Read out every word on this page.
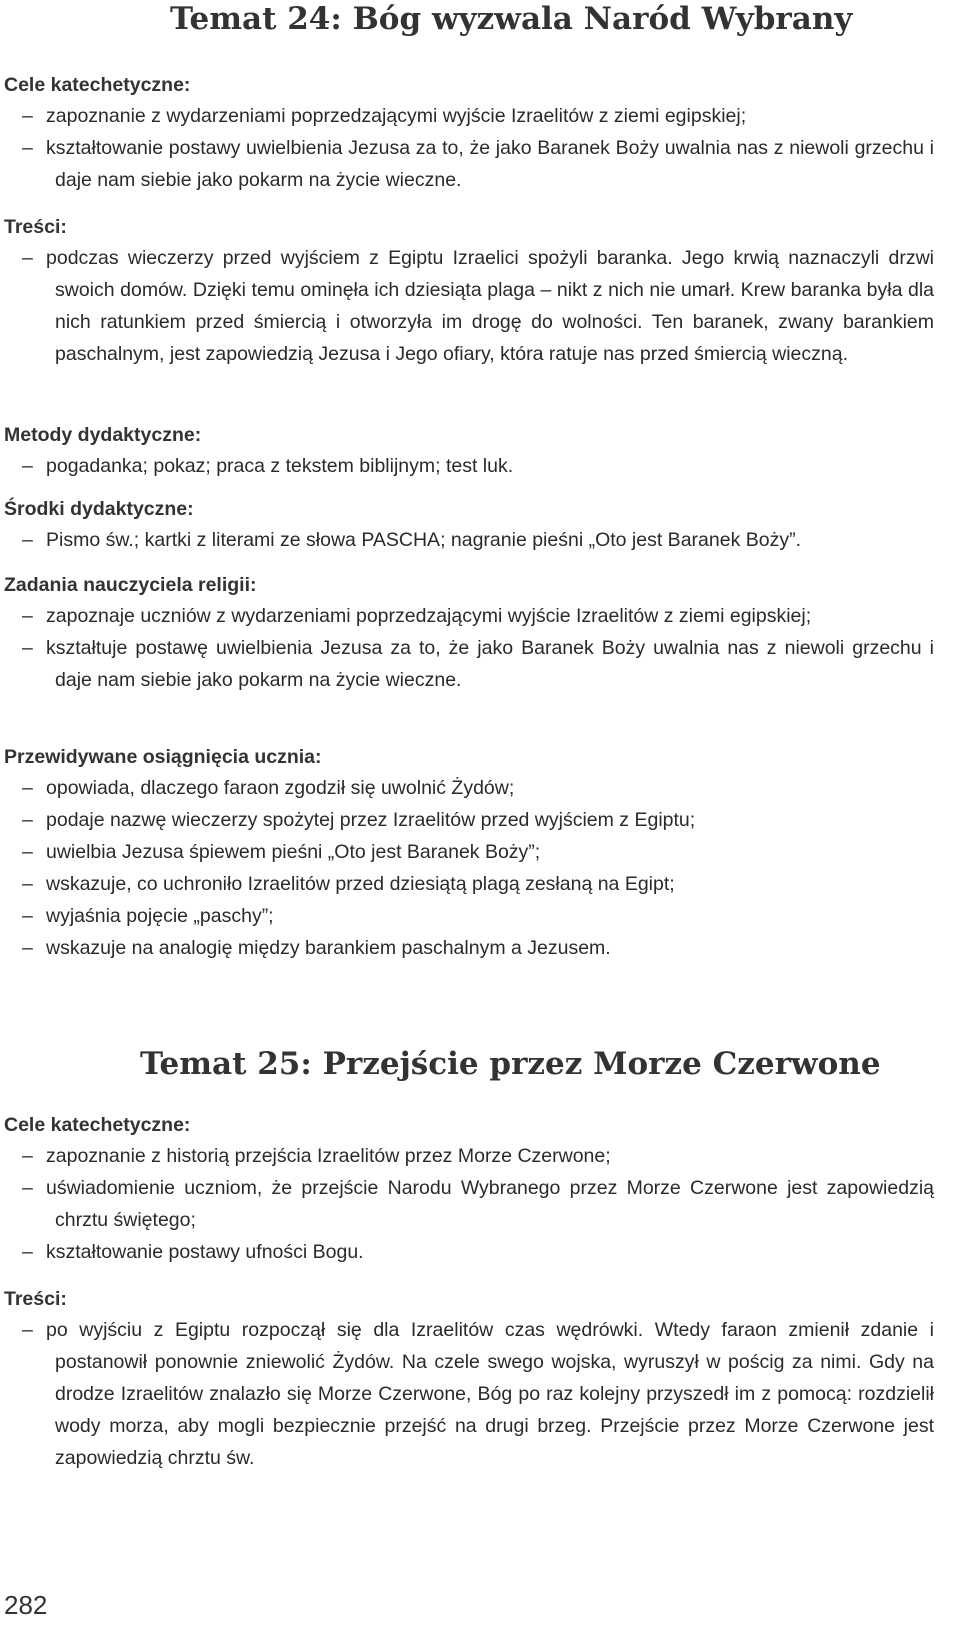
Temat 24: Bóg wyzwala Naród Wybrany

Cele katechetyczne:

– zapoznanie z wydarzeniami poprzedzającymi wyjście Izraelitów z ziemi egipskiej;

– kształtowanie postawy uwielbienia Jezusa za to, że jako Baranek Boży uwalnia nas z niewoli grzechu i daje nam siebie jako pokarm na życie wieczne.

Treści:

– podczas wieczerzy przed wyjściem z Egiptu Izraelici spożyli baranka. Jego krwią naznaczyli drzwi swoich domów. Dzięki temu ominęła ich dziesiąta plaga – nikt z nich nie umarł. Krew baranka była dla nich ratunkiem przed śmiercią i otworzyła im drogę do wolności. Ten baranek, zwany barankiem paschalnym, jest zapowiedzią Jezusa i Jego ofiary, która ratuje nas przed śmiercią wieczną.

Metody dydaktyczne:

– pogadanka; pokaz; praca z tekstem biblijnym; test luk.

Środki dydaktyczne:

– Pismo św.; kartki z literami ze słowa PASCHA; nagranie pieśni „Oto jest Baranek Boży”.

Zadania nauczyciela religii:

– zapoznaje uczniów z wydarzeniami poprzedzającymi wyjście Izraelitów z ziemi egipskiej;

– kształtuje postawę uwielbienia Jezusa za to, że jako Baranek Boży uwalnia nas z niewoli grzechu i daje nam siebie jako pokarm na życie wieczne.

Przewidywane osiągnięcia ucznia:

– opowiada, dlaczego faraon zgodził się uwolnić Żydów;

– podaje nazwę wieczerzy spożytej przez Izraelitów przed wyjściem z Egiptu;

– uwielbia Jezusa śpiewem pieśni „Oto jest Baranek Boży”;

– wskazuje, co uchroniło Izraelitów przed dziesiątą plagą zesłaną na Egipt;

– wyjaśnia pojęcie „paschy”;

– wskazuje na analogię między barankiem paschalnym a Jezusem.

Temat 25: Przejście przez Morze Czerwone

Cele katechetyczne:

– zapoznanie z historią przejścia Izraelitów przez Morze Czerwone;

– uświadomienie uczniom, że przejście Narodu Wybranego przez Morze Czerwone jest zapowiedzią chrztu świętego;

– kształtowanie postawy ufności Bogu.

Treści:

– po wyjściu z Egiptu rozpoczął się dla Izraelitów czas wędrówki. Wtedy faraon zmienił zdanie i postanowił ponownie zniewolić Żydów. Na czele swego wojska, wyruszył w pościg za nimi. Gdy na drodze Izraelitów znalazło się Morze Czerwone, Bóg po raz kolejny przyszedł im z pomocą: rozdzielił wody morza, aby mogli bezpiecznie przejść na drugi brzeg. Przejście przez Morze Czerwone jest zapowiedzią chrztu św.

282
